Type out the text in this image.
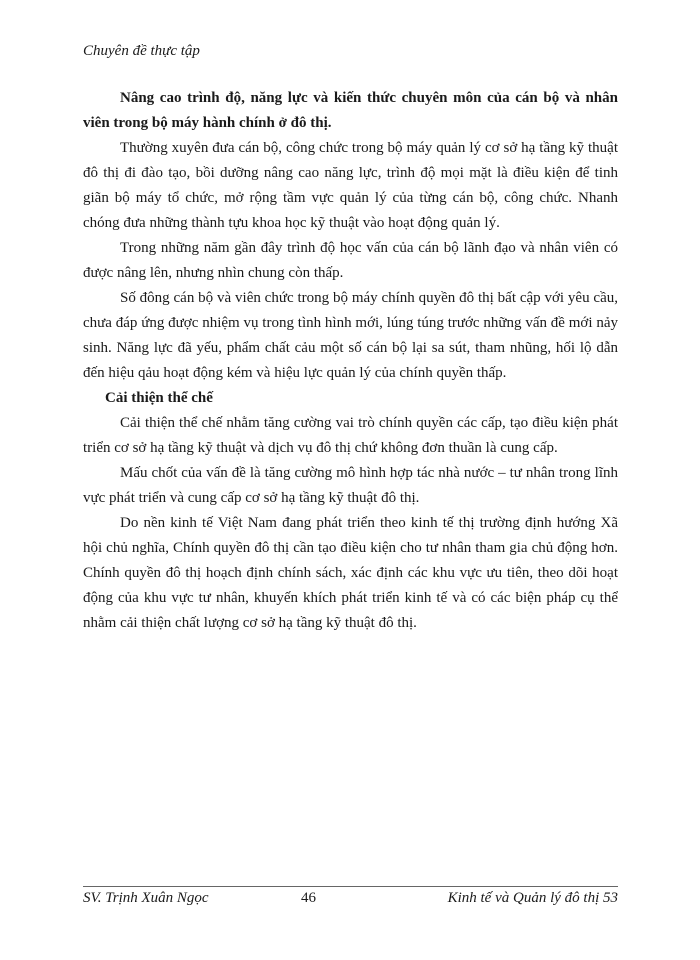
Chuyên đề thực tập

Nâng cao trình độ, năng lực và kiến thức chuyên môn của cán bộ và nhân viên trong bộ máy hành chính ở đô thị.

Thường xuyên đưa cán bộ, công chức trong bộ máy quản lý cơ sở hạ tầng kỹ thuật đô thị đi đào tạo, bồi dưỡng nâng cao năng lực, trình độ mọi mặt là điều kiện để tinh giãn bộ máy tổ chức, mở rộng tầm vực quản lý của từng cán bộ, công chức. Nhanh chóng đưa những thành tựu khoa học kỹ thuật vào hoạt động quản lý.

Trong những năm gần đây trình độ học vấn của cán bộ lãnh đạo và nhân viên có được nâng lên, nhưng nhìn chung còn thấp.

Số đông cán bộ và viên chức trong bộ máy chính quyền đô thị bất cập với yêu cầu, chưa đáp ứng được nhiệm vụ trong tình hình mới, lúng túng trước những vấn đề mới nảy sinh. Năng lực đã yếu, phẩm chất cảu một số cán bộ lại sa sút, tham nhũng, hối lộ dẫn đến hiệu qảu hoạt động kém và hiệu lực quản lý của chính quyền thấp.

Cải thiện thể chế

Cải thiện thể chế nhằm tăng cường vai trò chính quyền các cấp, tạo điều kiện phát triển cơ sở hạ tầng kỹ thuật và dịch vụ đô thị chứ không đơn thuần là cung cấp.

Mấu chốt của vấn đề là tăng cường mô hình hợp tác nhà nước – tư nhân trong lĩnh vực phát triển và cung cấp cơ sở hạ tầng kỹ thuật đô thị.

Do nền kinh tế Việt Nam đang phát triển theo kinh tế thị trường định hướng Xã hội chủ nghĩa, Chính quyền đô thị cần tạo điều kiện cho tư nhân tham gia chủ động hơn. Chính quyền đô thị hoạch định chính sách, xác định các khu vực ưu tiên, theo dõi hoạt động của khu vực tư nhân, khuyến khích phát triển kinh tế và có các biện pháp cụ thể nhằm cải thiện chất lượng cơ sở hạ tầng kỹ thuật đô thị.

SV. Trịnh Xuân Ngọc	46	Kinh tế và Quản lý đô thị 53
